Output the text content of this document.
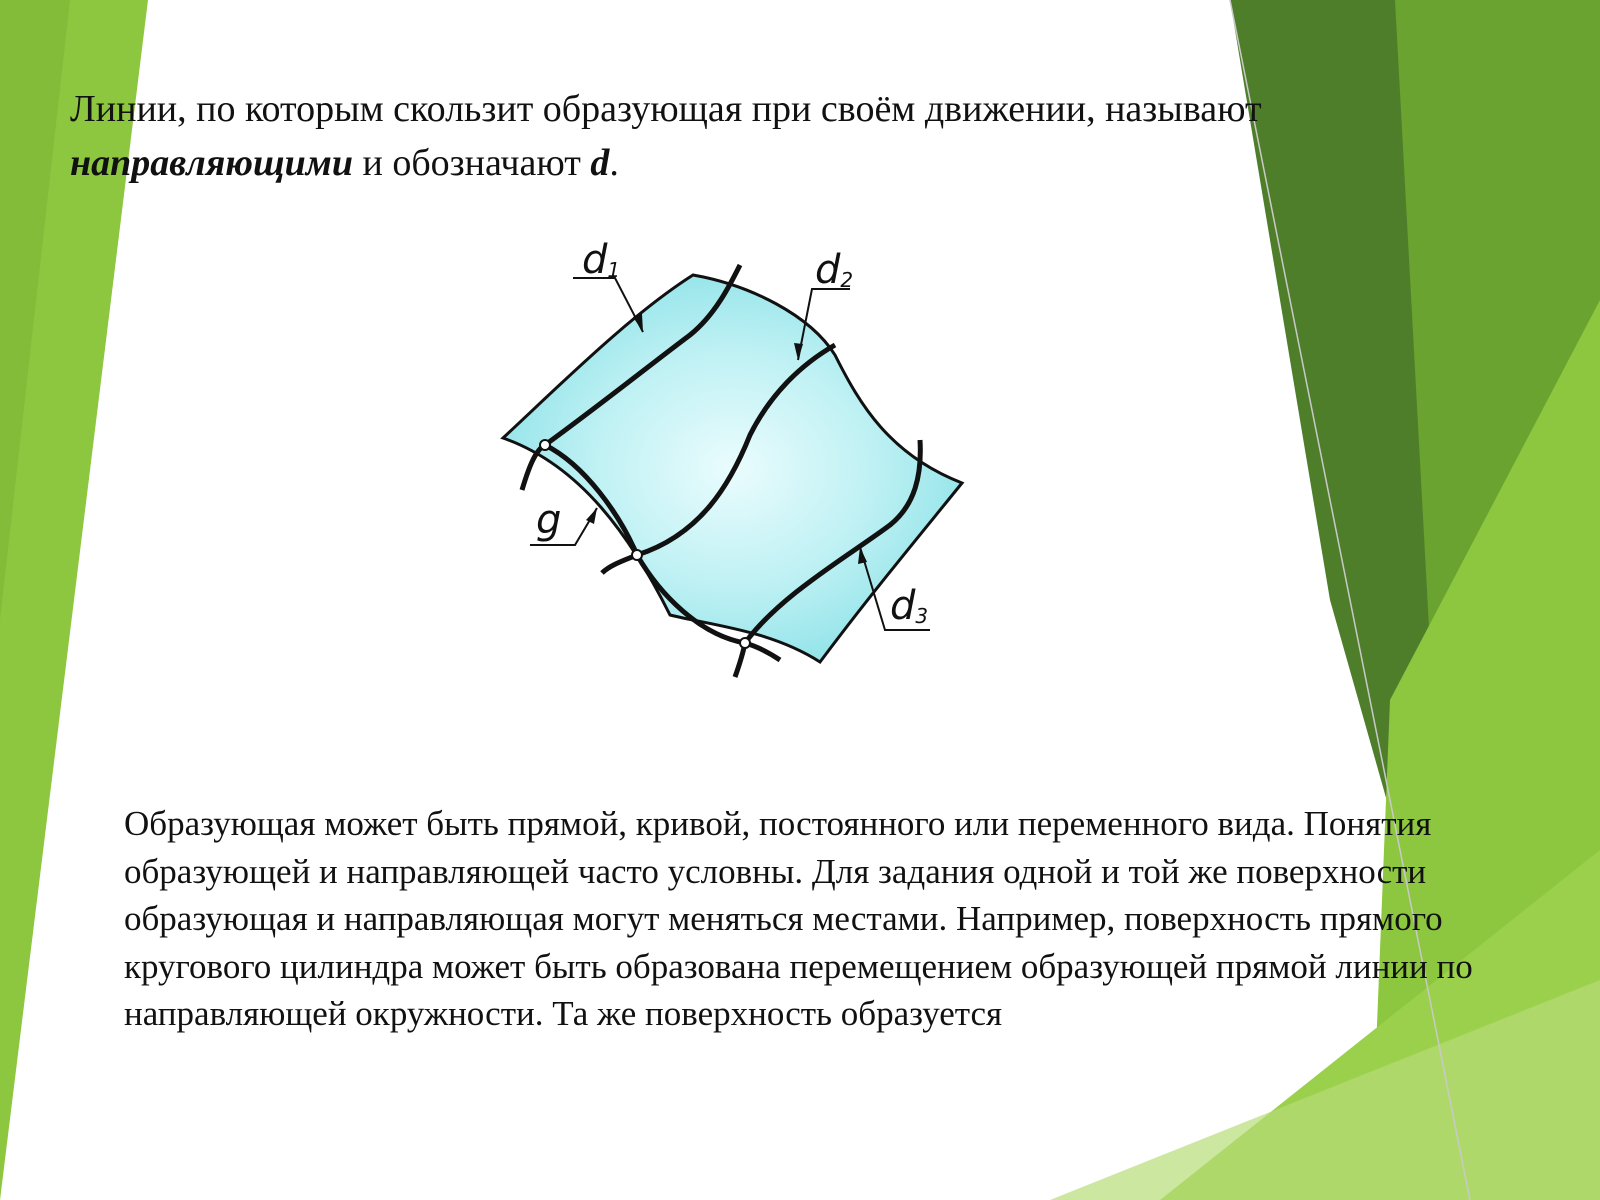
Линии, по которым скользит образующая при своём движении, называют
направляющими и обозначают d.

d1	d2
g
d3

Образующая может быть прямой, кривой, постоянного или переменного вида. Понятия образующей и направляющей часто условны. Для задания одной и той же поверхности образующая и направляющая могут меняться местами. Например, поверхность прямого кругового цилиндра может быть образована перемещением образующей прямой линии по направляющей окружности. Та же поверхность образуется
